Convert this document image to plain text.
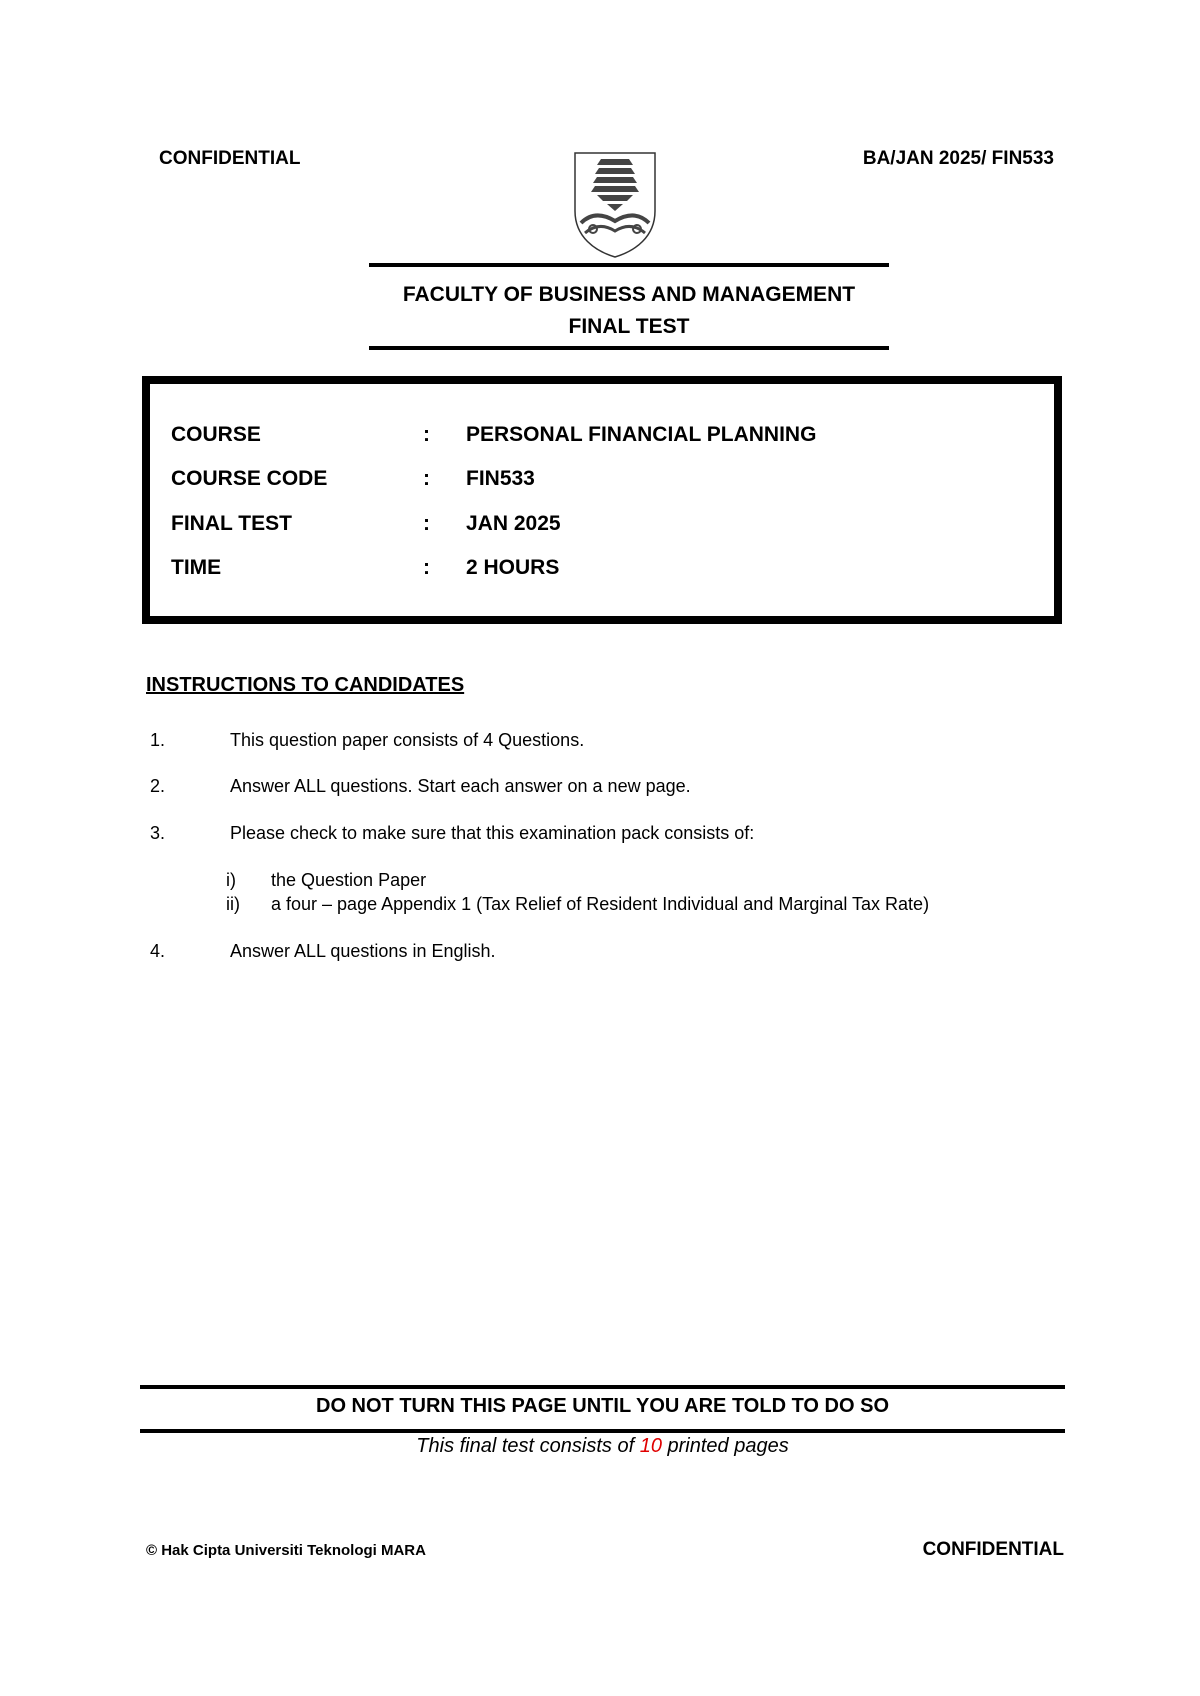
CONFIDENTIAL	BA/JAN 2025/ FIN533
FACULTY OF BUSINESS AND MANAGEMENT
FINAL TEST
COURSE	: PERSONAL FINANCIAL PLANNING
COURSE CODE	: FIN533
FINAL TEST	: JAN 2025
TIME	: 2 HOURS
INSTRUCTIONS TO CANDIDATES
1.	This question paper consists of 4 Questions.
2.	Answer ALL questions. Start each answer on a new page.
3.	Please check to make sure that this examination pack consists of:
i) the Question Paper
ii) a four – page Appendix 1 (Tax Relief of Resident Individual and Marginal Tax Rate)
4.	Answer ALL questions in English.
DO NOT TURN THIS PAGE UNTIL YOU ARE TOLD TO DO SO
This final test consists of 10 printed pages
© Hak Cipta Universiti Teknologi MARA	CONFIDENTIAL
